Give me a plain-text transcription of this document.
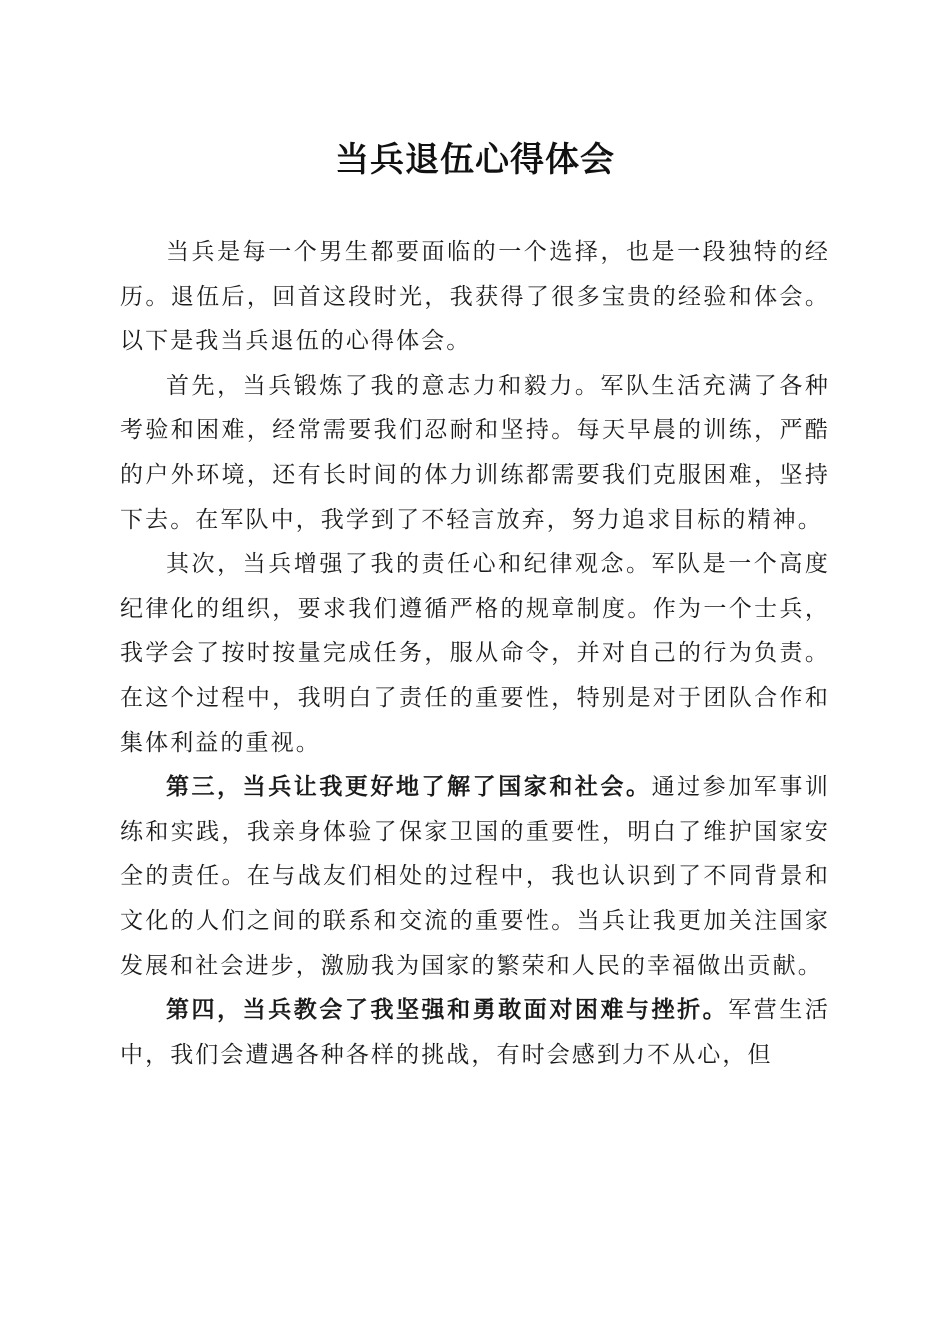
当兵退伍心得体会

当兵是每一个男生都要面临的一个选择，也是一段独特的经历。退伍后，回首这段时光，我获得了很多宝贵的经验和体会。以下是我当兵退伍的心得体会。

首先，当兵锻炼了我的意志力和毅力。军队生活充满了各种考验和困难，经常需要我们忍耐和坚持。每天早晨的训练，严酷的户外环境，还有长时间的体力训练都需要我们克服困难，坚持下去。在军队中，我学到了不轻言放弃，努力追求目标的精神。

其次，当兵增强了我的责任心和纪律观念。军队是一个高度纪律化的组织，要求我们遵循严格的规章制度。作为一个士兵，我学会了按时按量完成任务，服从命令，并对自己的行为负责。在这个过程中，我明白了责任的重要性，特别是对于团队合作和集体利益的重视。

第三，当兵让我更好地了解了国家和社会。通过参加军事训练和实践，我亲身体验了保家卫国的重要性，明白了维护国家安全的责任。在与战友们相处的过程中，我也认识到了不同背景和文化的人们之间的联系和交流的重要性。当兵让我更加关注国家发展和社会进步，激励我为国家的繁荣和人民的幸福做出贡献。

第四，当兵教会了我坚强和勇敢面对困难与挫折。军营生活中，我们会遭遇各种各样的挑战，有时会感到力不从心，但
